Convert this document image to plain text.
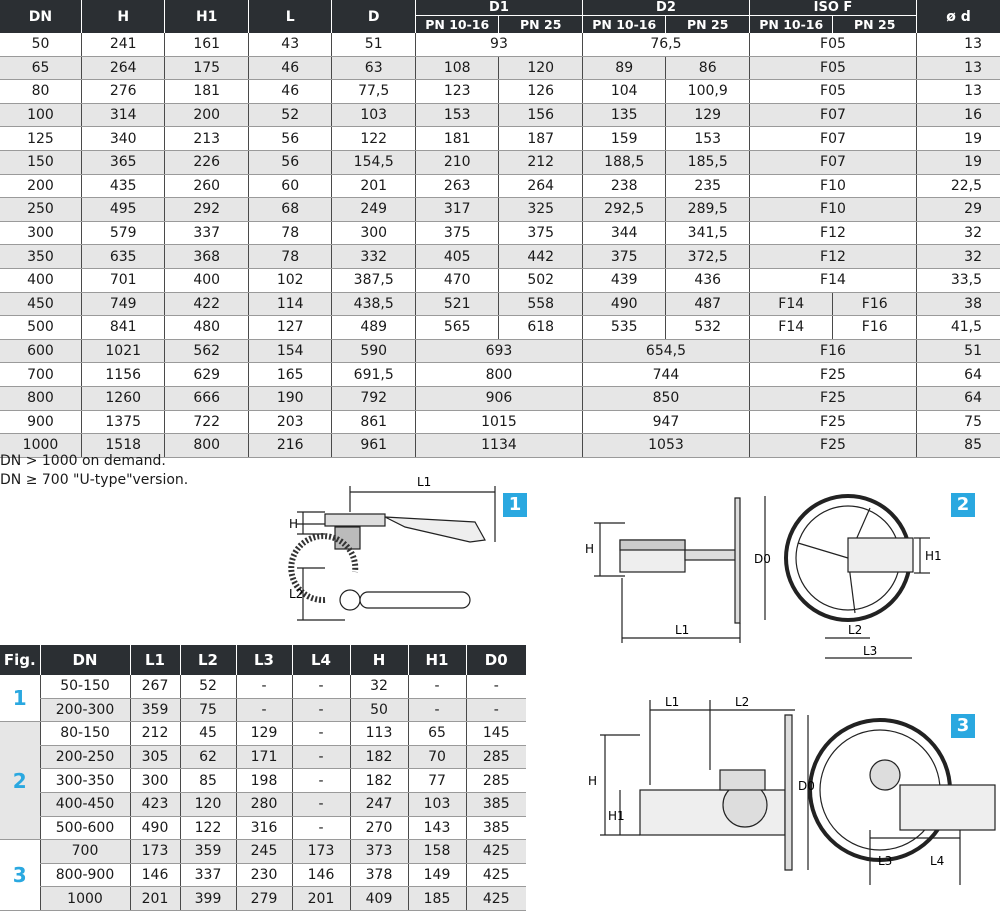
DN	H	H1	L	D	D1		D2		ISO F		ø d
					PN 10-16	PN 25	PN 10-16	PN 25	PN 10-16	PN 25	
50	241	161	43	51	93		76,5		F05		13
65	264	175	46	63	108	120	89	86	F05		13
80	276	181	46	77,5	123	126	104	100,9	F05		13
100	314	200	52	103	153	156	135	129	F07		16
125	340	213	56	122	181	187	159	153	F07		19
150	365	226	56	154,5	210	212	188,5	185,5	F07		19
200	435	260	60	201	263	264	238	235	F10		22,5
250	495	292	68	249	317	325	292,5	289,5	F10		29
300	579	337	78	300	375	375	344	341,5	F12		32
350	635	368	78	332	405	442	375	372,5	F12		32
400	701	400	102	387,5	470	502	439	436	F14		33,5
450	749	422	114	438,5	521	558	490	487	F14	F16	38
500	841	480	127	489	565	618	535	532	F14	F16	41,5
600	1021	562	154	590	693		654,5		F16		51
700	1156	629	165	691,5	800		744		F25		64
800	1260	666	190	792	906		850		F25		64
900	1375	722	203	861	1015		947		F25		75
1000	1518	800	216	961	1134		1053		F25		85
DN > 1000 on demand.
DN ≥ 700 "U-type"version.
1
L1
H
L2
2
H
L1
D0	H1
L2
L3
3
H
H1
L1	L2
D0
L3	L4
Fig.	DN	L1	L2	L3	L4	H	H1	D0
1	50-150	267	52	-	-	32	-	-
	200-300	359	75	-	-	50	-	-
2	80-150	212	45	129	-	113	65	145
	200-250	305	62	171	-	182	70	285
	300-350	300	85	198	-	182	77	285
	400-450	423	120	280	-	247	103	385
	500-600	490	122	316	-	270	143	385
3	700	173	359	245	173	373	158	425
	800-900	146	337	230	146	378	149	425
	1000	201	399	279	201	409	185	425
